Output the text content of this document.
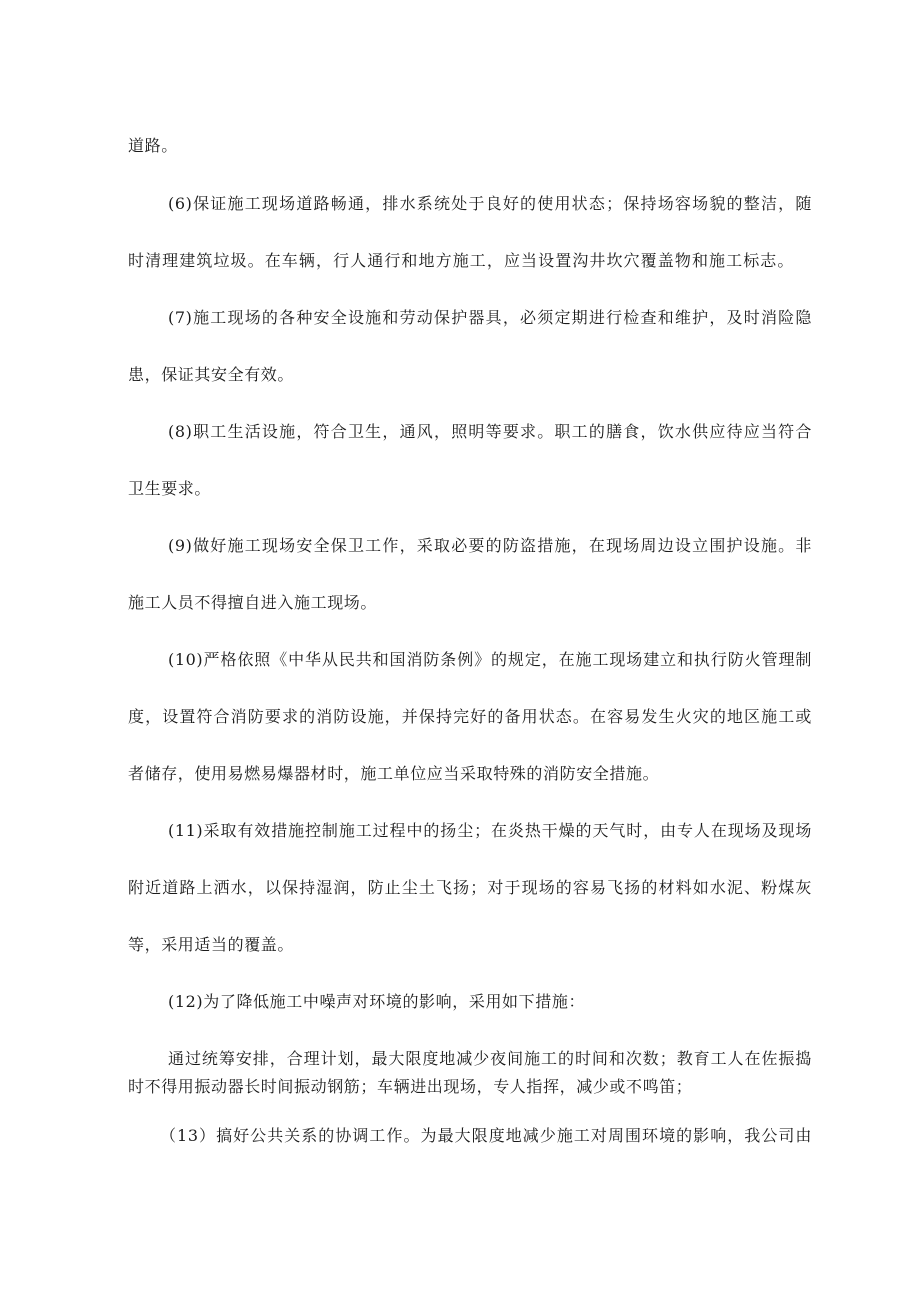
道路。
(6)保证施工现场道路畅通，排水系统处于良好的使用状态；保持场容场貌的整洁，随
时清理建筑垃圾。在车辆，行人通行和地方施工，应当设置沟井坎穴覆盖物和施工标志。
(7)施工现场的各种安全设施和劳动保护器具，必须定期进行检查和维护，及时消险隐
患，保证其安全有效。
(8)职工生活设施，符合卫生，通风，照明等要求。职工的膳食，饮水供应待应当符合
卫生要求。
(9)做好施工现场安全保卫工作，采取必要的防盗措施，在现场周边设立围护设施。非
施工人员不得擅自进入施工现场。
(10)严格依照《中华从民共和国消防条例》的规定，在施工现场建立和执行防火管理制
度，设置符合消防要求的消防设施，并保持完好的备用状态。在容易发生火灾的地区施工或
者储存，使用易燃易爆器材时，施工单位应当采取特殊的消防安全措施。
(11)采取有效措施控制施工过程中的扬尘；在炎热干燥的天气时，由专人在现场及现场
附近道路上洒水，以保持湿润，防止尘土飞扬；对于现场的容易飞扬的材料如水泥、粉煤灰
等，采用适当的覆盖。
(12)为了降低施工中噪声对环境的影响，采用如下措施：
通过统筹安排，合理计划，最大限度地减少夜间施工的时间和次数；教育工人在佐振捣
时不得用振动器长时间振动钢筋；车辆进出现场，专人指挥，减少或不鸣笛；
（13）搞好公共关系的协调工作。为最大限度地减少施工对周围环境的影响，我公司由
